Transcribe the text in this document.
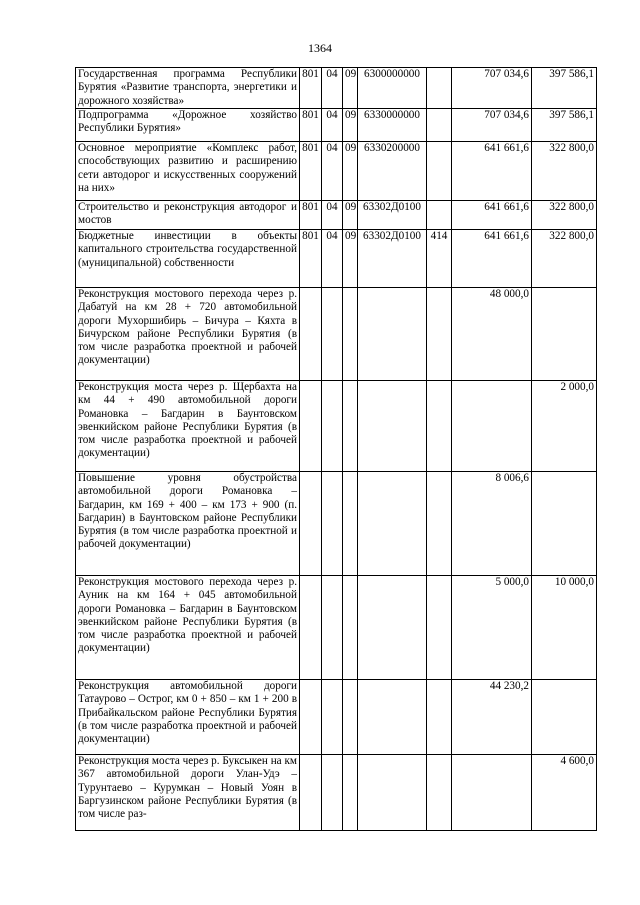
1364
Государственная программа Республики Бурятия «Развитие транспорта, энергетики и дорожного хозяйства»	801	04	09	6300000000		707 034,6	397 586,1
Подпрограмма «Дорожное хозяйство Республики Бурятия»	801	04	09	6330000000		707 034,6	397 586,1
Основное мероприятие «Комплекс работ, способствующих развитию и расширению сети автодорог и искусственных сооружений на них»	801	04	09	6330200000		641 661,6	322 800,0
Строительство и реконструкция автодорог и мостов	801	04	09	63302Д0100		641 661,6	322 800,0
Бюджетные инвестиции в объекты капитального строительства государственной (муниципальной) собственности	801	04	09	63302Д0100	414	641 661,6	322 800,0
Реконструкция мостового перехода через р. Дабатуй на км 28 + 720 автомобильной дороги Мухоршибирь – Бичура – Кяхта в Бичурском районе Республики Бурятия (в том числе разработка проектной и рабочей документации)						48 000,0	
Реконструкция моста через р. Щербахта на км 44 + 490 автомобильной дороги Романовка – Багдарин в Баунтовском эвенкийском районе Республики Бурятия (в том числе разработка проектной и рабочей документации)							2 000,0
Повышение уровня обустройства автомобильной дороги Романовка – Багдарин, км 169 + 400 – км 173 + 900 (п. Багдарин) в Баунтовском районе Республики Бурятия (в том числе разработка проектной и рабочей документации)						8 006,6	
Реконструкция мостового перехода через р. Ауник на км 164 + 045 автомобильной дороги Романовка – Багдарин в Баунтовском эвенкийском районе Республики Бурятия (в том числе разработка проектной и рабочей документации)						5 000,0	10 000,0
Реконструкция автомобильной дороги Татаурово – Острог, км 0 + 850 – км 1 + 200 в Прибайкальском районе Республики Бурятия (в том числе разработка проектной и рабочей документации)						44 230,2	
Реконструкция моста через р. Буксыкен на км 367 автомобильной дороги Улан-Удэ – Турунтаево – Курумкан – Новый Уоян в Баргузинском районе Республики Бурятия (в том числе раз-							4 600,0
